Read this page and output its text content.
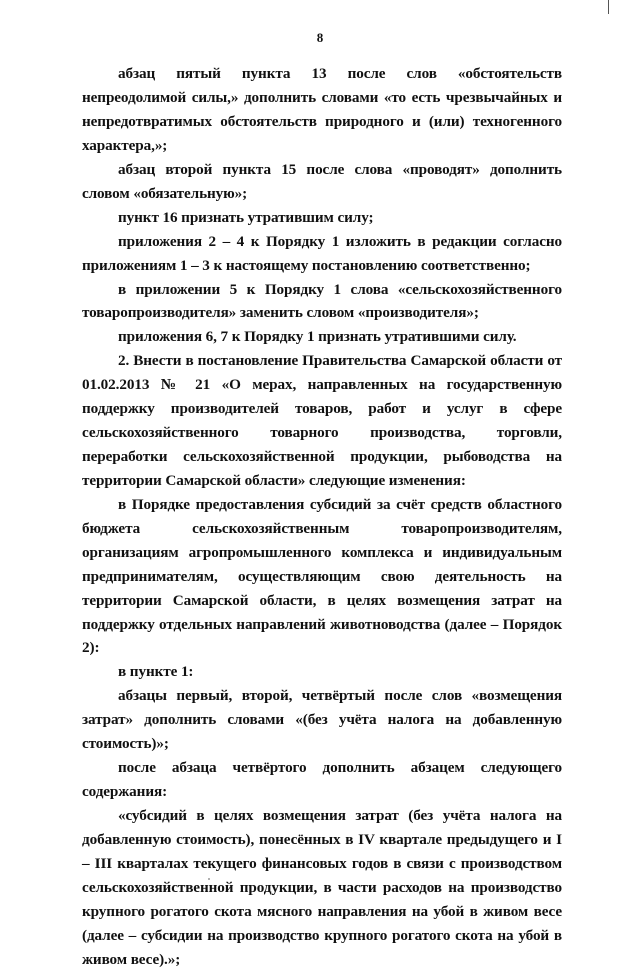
8

абзац пятый пункта 13 после слов «обстоятельств непреодолимой силы,» дополнить словами «то есть чрезвычайных и непредотвратимых обстоятельств природного и (или) техногенного характера,»;

абзац второй пункта 15 после слова «проводят» дополнить словом «обязательную»;

пункт 16 признать утратившим силу;

приложения 2 – 4 к Порядку 1 изложить в редакции согласно приложениям 1 – 3 к настоящему постановлению соответственно;

в приложении 5 к Порядку 1 слова «сельскохозяйственного товаропроизводителя» заменить словом «производителя»;

приложения 6, 7 к Порядку 1 признать утратившими силу.

2. Внести в постановление Правительства Самарской области от 01.02.2013 № 21 «О мерах, направленных на государственную поддержку производителей товаров, работ и услуг в сфере сельскохозяйственного товарного производства, торговли, переработки сельскохозяйственной продукции, рыбоводства на территории Самарской области» следующие изменения:

в Порядке предоставления субсидий за счёт средств областного бюджета сельскохозяйственным товаропроизводителям, организациям агропромышленного комплекса и индивидуальным предпринимателям, осуществляющим свою деятельность на территории Самарской области, в целях возмещения затрат на поддержку отдельных направлений животноводства (далее – Порядок 2):

в пункте 1:

абзацы первый, второй, четвёртый после слов «возмещения затрат» дополнить словами «(без учёта налога на добавленную стоимость)»;

после абзаца четвёртого дополнить абзацем следующего содержания:

«субсидий в целях возмещения затрат (без учёта налога на добавленную стоимость), понесённых в IV квартале предыдущего и I – III кварталах текущего финансовых годов в связи с производством сельскохозяйственной продукции, в части расходов на производство крупного рогатого скота мясного направления на убой в живом весе (далее – субсидии на производство крупного рогатого скота на убой в живом весе).»;
